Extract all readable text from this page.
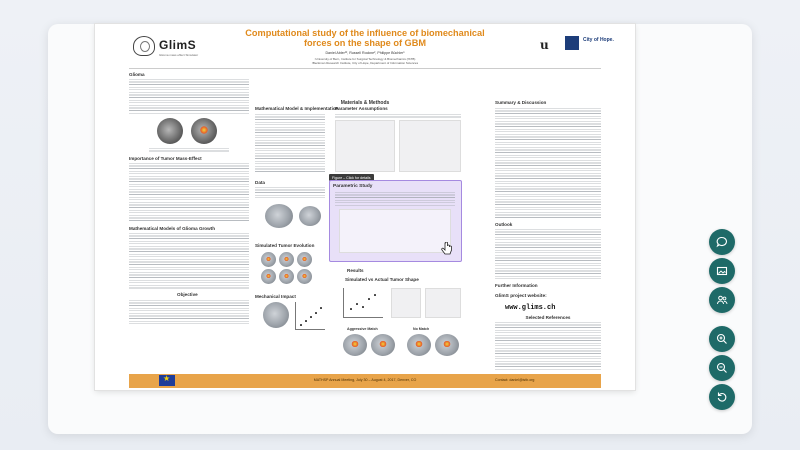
GlimS
Glioma mass effect Simulator
Computational study of the influence of biomechanical
forces on the shape of GBM
Daniel Abler¹², Russell Rockne², Philippe Büchler¹
¹University of Bern, Institute for Surgical Technology & Biomechanics (ISTB)
²Beckman Research Institute, City of Hope, Department of Information Sciences
u	City of Hope.
Glioma
Importance of Tumor Mass-Effect
Mathematical Models of Glioma Growth
Objective
Mathematical Model & Implementation
Data
Materials & Methods
Simulated Tumor Evolution
Mechanical Impact
Parameter Assumptions
Figure – Click for details
Parametric Study
Results
Simulated vs Actual Tumor Shape
Aggressive Match	No Match
Summary & Discussion
Outlook
Further Information
GlimS project website:
www.glims.ch
Selected References
★
MATHSP Annual Meeting, July 30 – August 4, 2017, Denver, CO	Contact: daniel@istb.org
